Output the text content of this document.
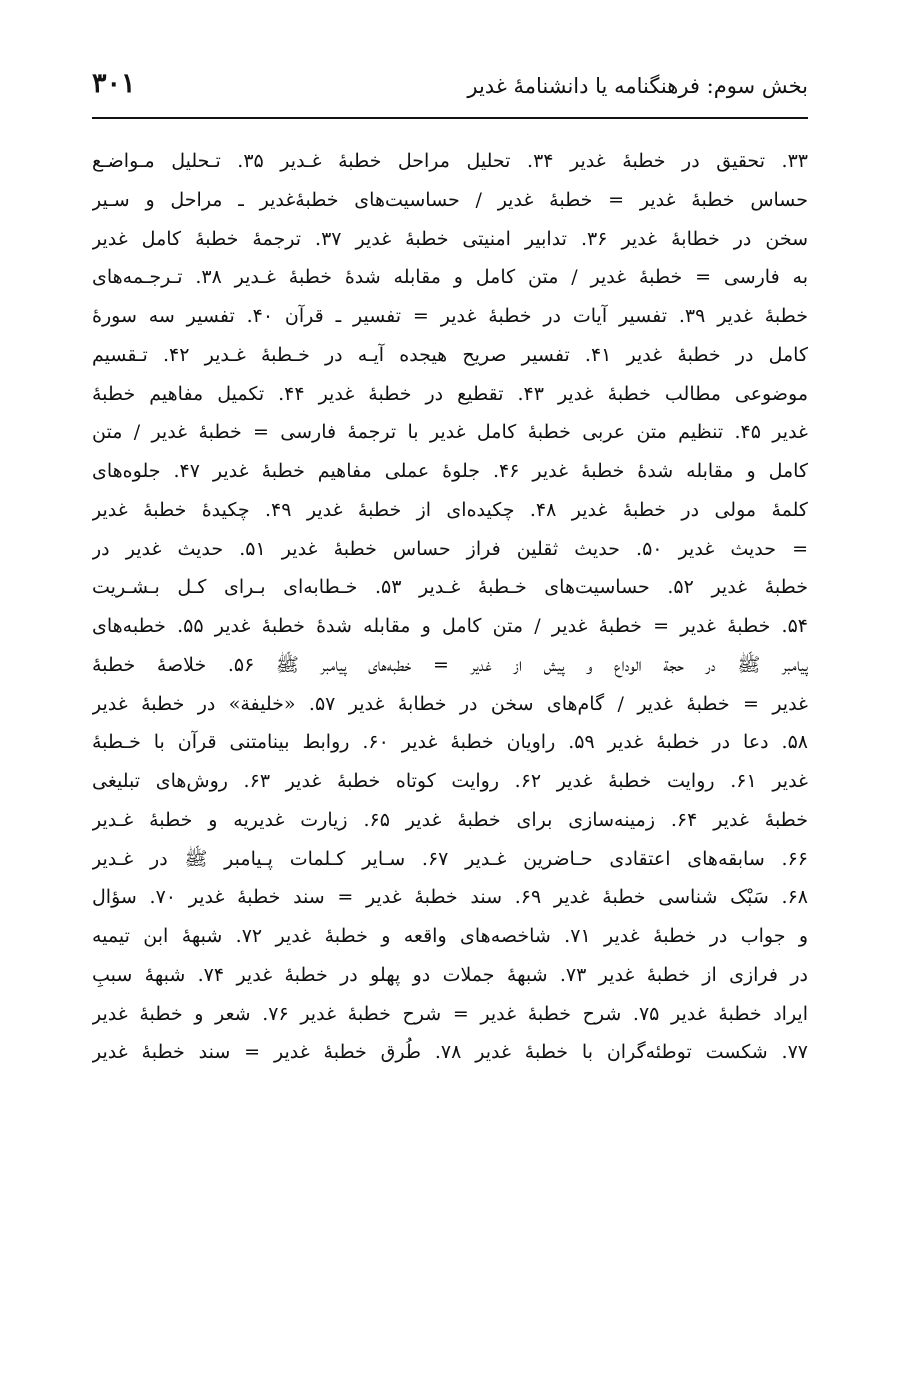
بخش سوم: فرهنگنامه یا دانشنامهٔ غدیر
۳۰۱
۳۳. تحقیق در خطبهٔ غدیر ۳۴. تحلیل مراحل خطبهٔ غـدیر ۳۵. تـحلیل مـواضـع
حساس خطبهٔ غدیر = خطبهٔ غدیر / حساسیت‌های خطبهٔ‌غدیر ـ مراحل و سـیر
سخن در خطابهٔ غدیر ۳۶. تدابیر امنیتی خطبهٔ غدیر ۳۷. ترجمهٔ خطبهٔ کامل غدیر
به فارسی = خطبهٔ غدیر / متن کامل و مقابله شدهٔ خطبهٔ غـدیر ۳۸. تـرجـمه‌های
خطبهٔ غدیر ۳۹. تفسیر آیات در خطبهٔ غدیر = تفسیر ـ قرآن ۴۰. تفسیر سه سورهٔ
کامل در خطبهٔ غدیر ۴۱. تفسیر صریح هیجده آیـه در خـطبهٔ غـدیر ۴۲. تـقسیم
موضوعی مطالب خطبهٔ غدیر ۴۳. تقطیع در خطبهٔ غدیر ۴۴. تکمیل مفاهیم خطبهٔ
غدیر ۴۵. تنظیم متن عربی خطبهٔ کامل غدیر با ترجمهٔ فارسی = خطبهٔ غدیر / متن
کامل و مقابله شدهٔ خطبهٔ غدیر ۴۶. جلوهٔ عملی مفاهیم خطبهٔ غدیر ۴۷. جلوه‌های
کلمهٔ مولی در خطبهٔ غدیر ۴۸. چکیده‌ای از خطبهٔ غدیر ۴۹. چکیدهٔ خطبهٔ غدیر
= حدیث غدیر ۵۰. حدیث ثقلین فراز حساس خطبهٔ غدیر ۵۱. حدیث غدیر در
خطبهٔ غدیر ۵۲. حساسیت‌های خـطبهٔ غـدیر ۵۳. خـطابه‌ای بـرای کـل بـشـریت
۵۴. خطبهٔ غدیر = خطبهٔ غدیر / متن کامل و مقابله شدهٔ خطبهٔ غدیر ۵۵. خطبه‌های
پیامبر ﷺ در حجة الوداع و پیش از غدیر = خطبه‌های پیامبر ﷺ ۵۶. خلاصهٔ خطبهٔ
غدیر = خطبهٔ غدیر / گام‌های سخن در خطابهٔ غدیر ۵۷. «خلیفة» در خطبهٔ غدیر
۵۸. دعا در خطبهٔ غدیر ۵۹. راویان خطبهٔ غدیر ۶۰. روابط بینامتنی قرآن با خـطبهٔ
غدیر ۶۱. روایت خطبهٔ غدیر ۶۲. روایت کوتاه خطبهٔ غدیر ۶۳. روش‌های تبلیغی
خطبهٔ غدیر ۶۴. زمینه‌سازی برای خطبهٔ غدیر ۶۵. زیارت غدیریه و خطبهٔ غـدیر
۶۶. سابقه‌های اعتقادی حـاضرین غـدیر ۶۷. سـایر کـلمات پـیامبر ﷺ در غـدیر
۶۸. سَبْک شناسی خطبهٔ غدیر ۶۹. سند خطبهٔ غدیر = سند خطبهٔ غدیر ۷۰. سؤال
و جواب در خطبهٔ غدیر ۷۱. شاخصه‌های واقعه و خطبهٔ غدیر ۷۲. شبههٔ ابن تیمیه
در فرازی از خطبهٔ غدیر ۷۳. شبههٔ جملات دو پهلو در خطبهٔ غدیر ۷۴. شبههٔ سببِ
ایراد خطبهٔ غدیر ۷۵. شرح خطبهٔ غدیر = شرح خطبهٔ غدیر ۷۶. شعر و خطبهٔ غدیر
۷۷. شکست توطئه‌گران با خطبهٔ غدیر ۷۸. طُرق خطبهٔ غدیر = سند خطبهٔ غدیر
